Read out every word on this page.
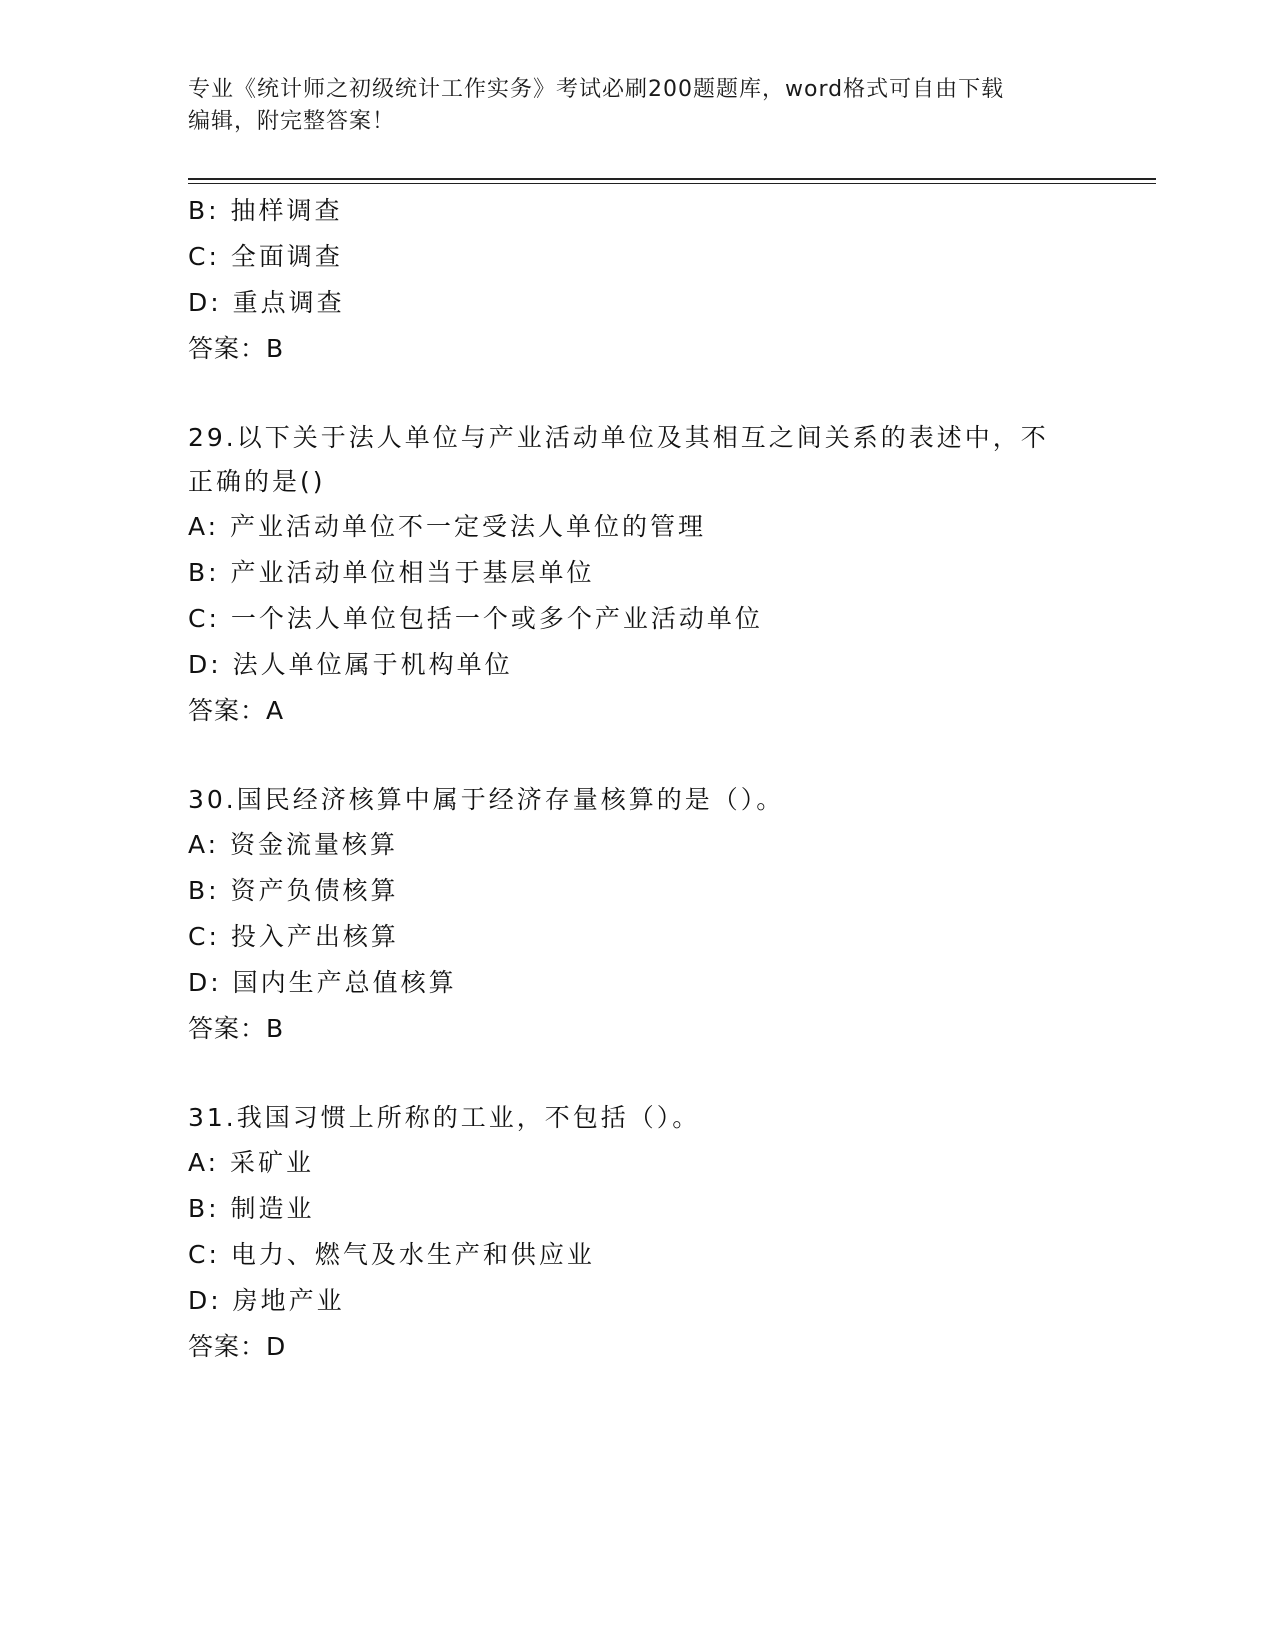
专业《统计师之初级统计工作实务》考试必刷200题题库，word格式可自由下载
编辑，附完整答案！
B: 抽样调查
C: 全面调查
D: 重点调查
答案：B
29.以下关于法人单位与产业活动单位及其相互之间关系的表述中，不
正确的是()
A: 产业活动单位不一定受法人单位的管理
B: 产业活动单位相当于基层单位
C: 一个法人单位包括一个或多个产业活动单位
D: 法人单位属于机构单位
答案：A
30.国民经济核算中属于经济存量核算的是（）。
A: 资金流量核算
B: 资产负债核算
C: 投入产出核算
D: 国内生产总值核算
答案：B
31.我国习惯上所称的工业，不包括（）。
A: 采矿业
B: 制造业
C: 电力、燃气及水生产和供应业
D: 房地产业
答案：D
